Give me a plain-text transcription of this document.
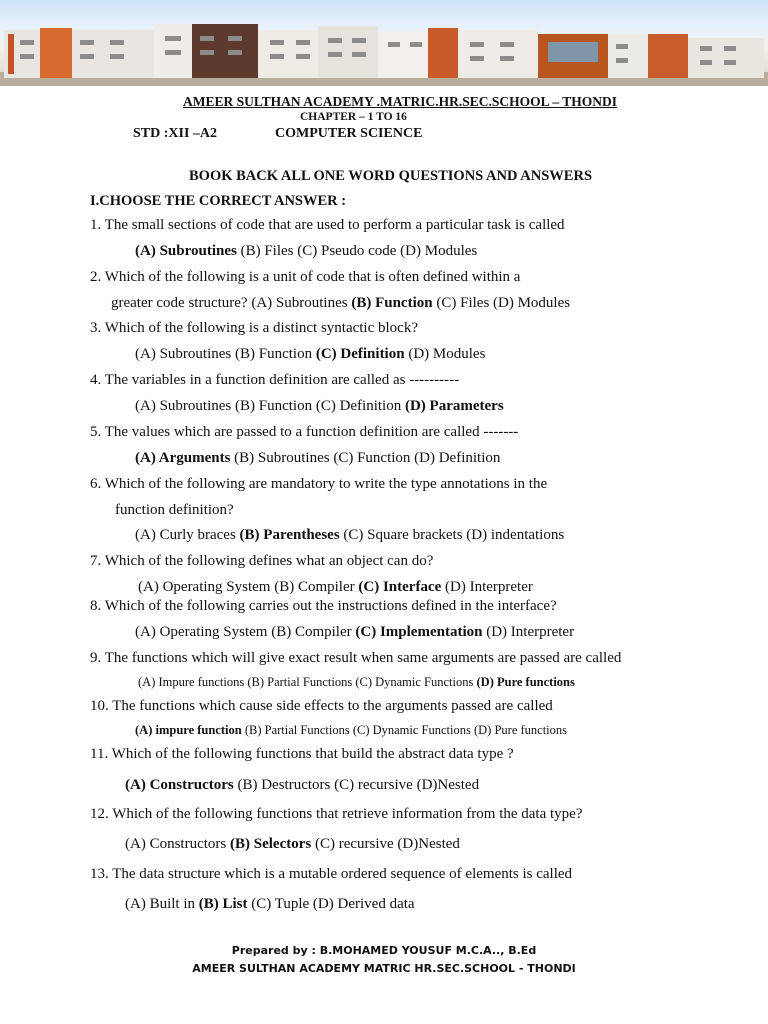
AMEER SULTHAN ACADEMY .MATRIC.HR.SEC.SCHOOL – THONDI
CHAPTER – 1 TO 16
STD :XII –A2	COMPUTER SCIENCE
BOOK BACK ALL ONE WORD QUESTIONS AND ANSWERS
I.CHOOSE THE CORRECT ANSWER :
1. The small sections of code that are used to perform a particular task is called
(A) Subroutines (B) Files (C) Pseudo code (D) Modules
2. Which of the following is a unit of code that is often defined within a
greater code structure? (A) Subroutines (B) Function (C) Files (D) Modules
3. Which of the following is a distinct syntactic block?
(A) Subroutines (B) Function (C) Definition (D) Modules
4. The variables in a function definition are called as ----------
(A) Subroutines (B) Function (C) Definition (D) Parameters
5. The values which are passed to a function definition are called -------
(A) Arguments (B) Subroutines (C) Function (D) Definition
6. Which of the following are mandatory to write the type annotations in the
function definition?
(A) Curly braces (B) Parentheses (C) Square brackets (D) indentations
7. Which of the following defines what an object can do?
(A) Operating System (B) Compiler (C) Interface (D) Interpreter
8. Which of the following carries out the instructions defined in the interface?
(A) Operating System (B) Compiler (C) Implementation (D) Interpreter
9. The functions which will give exact result when same arguments are passed are called
(A) Impure functions (B) Partial Functions (C) Dynamic Functions (D) Pure functions
10. The functions which cause side effects to the arguments passed are called
(A) impure function (B) Partial Functions (C) Dynamic Functions (D) Pure functions
11. Which of the following functions that build the abstract data type ?
(A) Constructors (B) Destructors (C) recursive (D)Nested
12. Which of the following functions that retrieve information from the data type?
(A) Constructors (B) Selectors (C) recursive (D)Nested
13. The data structure which is a mutable ordered sequence of elements is called
(A) Built in (B) List (C) Tuple (D) Derived data
Prepared by : B.MOHAMED YOUSUF M.C.A.., B.Ed
AMEER SULTHAN ACADEMY MATRIC HR.SEC.SCHOOL - THONDI
